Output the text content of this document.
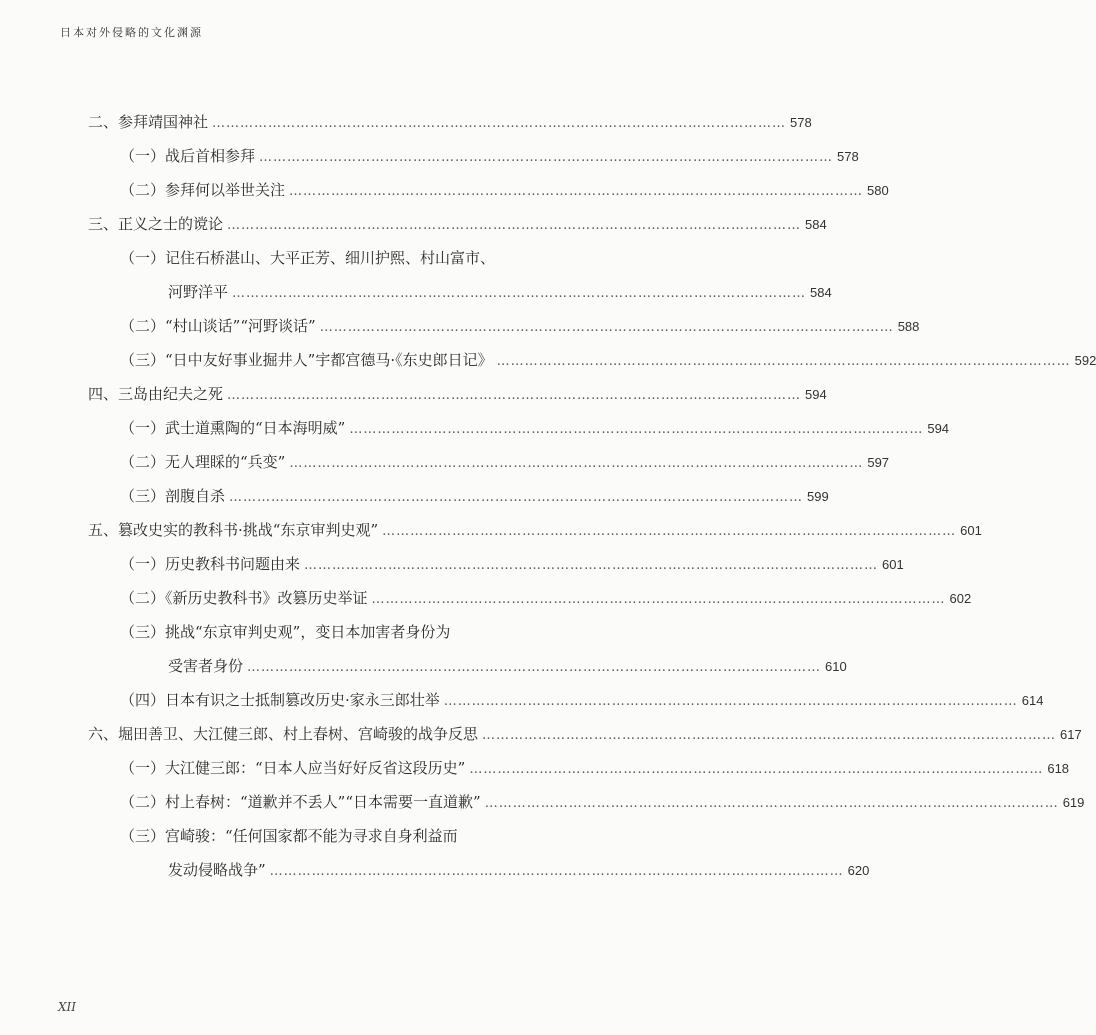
日本对外侵略的文化渊源
二、参拜靖国神社 …………………………………………………………………………………………………………… 578
（一）战后首相参拜 …………………………………………………………………………………………………………… 578
（二）参拜何以举世关注 …………………………………………………………………………………………………………… 580
三、正义之士的谠论 …………………………………………………………………………………………………………… 584
（一）记住石桥湛山、大平正芳、细川护熙、村山富市、
河野洋平 …………………………………………………………………………………………………………… 584
（二）“村山谈话”“河野谈话” …………………………………………………………………………………………………………… 588
（三）“日中友好事业掘井人”宇都宫德马·《东史郎日记》 …………………………………………………………………………………………………………… 592
四、三岛由纪夫之死 …………………………………………………………………………………………………………… 594
（一）武士道熏陶的“日本海明威” …………………………………………………………………………………………………………… 594
（二）无人理睬的“兵变” …………………………………………………………………………………………………………… 597
（三）剖腹自杀 …………………………………………………………………………………………………………… 599
五、篡改史实的教科书·挑战“东京审判史观” …………………………………………………………………………………………………………… 601
（一）历史教科书问题由来 …………………………………………………………………………………………………………… 601
（二）《新历史教科书》改篡历史举证 …………………………………………………………………………………………………………… 602
（三）挑战“东京审判史观”，变日本加害者身份为
受害者身份 …………………………………………………………………………………………………………… 610
（四）日本有识之士抵制篡改历史·家永三郎壮举 …………………………………………………………………………………………………………… 614
六、堀田善卫、大江健三郎、村上春树、宫崎骏的战争反思 …………………………………………………………………………………………………………… 617
（一）大江健三郎：“日本人应当好好反省这段历史” …………………………………………………………………………………………………………… 618
（二）村上春树：“道歉并不丢人”“日本需要一直道歉” …………………………………………………………………………………………………………… 619
（三）宫崎骏：“任何国家都不能为寻求自身利益而
发动侵略战争” …………………………………………………………………………………………………………… 620
XII
